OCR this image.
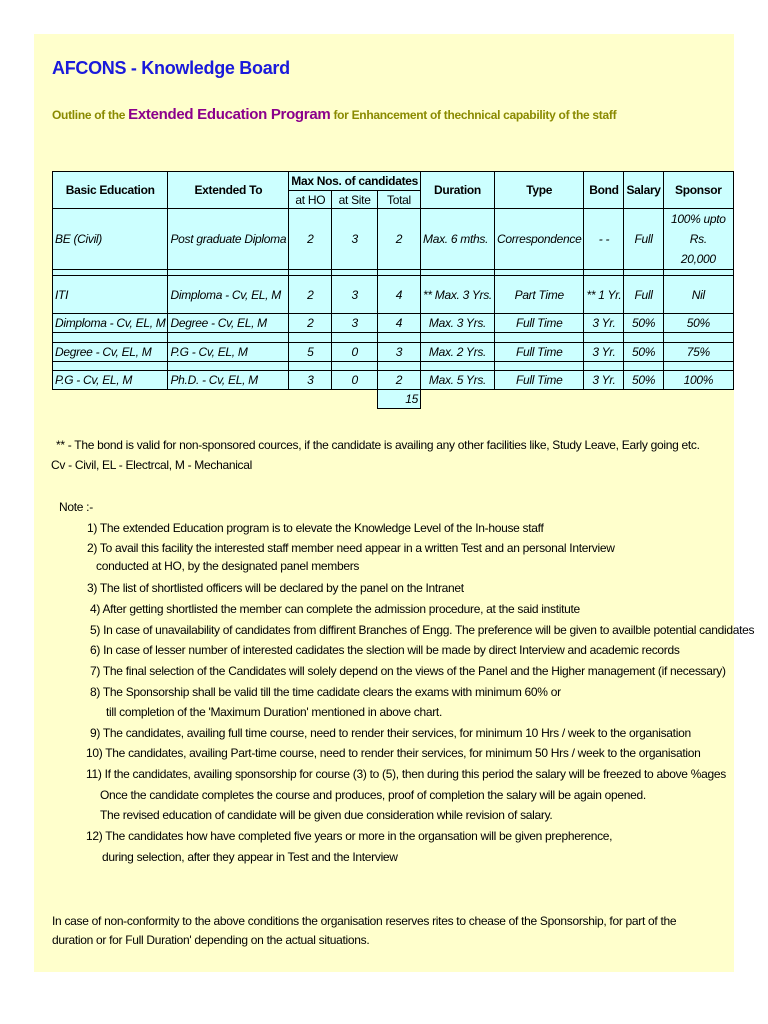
AFCONS - Knowledge Board
Outline of the Extended Education Program for Enhancement of thechnical capability of the staff
Basic Education	Extended To	Max Nos. of candidates			Duration	Type	Bond	Salary	Sponsor
		at HO	at Site	Total					
BE (Civil)	Post graduate Diploma	2	3	2	Max. 6 mths.	Correspondence	- -	Full	100% upto Rs.
20,000

ITI	Dimploma - Cv, EL, M	2	3	4	** Max. 3 Yrs.	Part Time	** 1 Yr.	Full	Nil
Dimploma - Cv, EL, M	Degree - Cv, EL, M	2	3	4	Max. 3 Yrs.	Full Time	3 Yr.	50%	50%

Degree - Cv, EL, M	P.G - Cv, EL, M	5	0	3	Max. 2 Yrs.	Full Time	3 Yr.	50%	75%

P.G - Cv, EL, M	Ph.D. - Cv, EL, M	3	0	2	Max. 5 Yrs.	Full Time	3 Yr.	50%	100%
				15					
** - The bond is valid for non-sponsored cources, if the candidate is availing any other facilities like, Study Leave, Early going etc.
Cv - Civil, EL - Electrcal, M - Mechanical
Note :-
1) The extended Education program is to elevate the Knowledge Level of the In-house staff
2) To avail this facility the interested staff member need appear in a written Test and an personal Interview
conducted at HO, by the designated panel members
3) The list of shortlisted officers will be declared by the panel on the Intranet
4) After getting shortlisted the member can complete the admission procedure, at the said institute
5) In case of unavailability of candidates from diffirent Branches of Engg. The preference will be given to availble potential candidates
6) In case of lesser number of interested cadidates the slection will be made by direct Interview and academic records
7) The final selection of the Candidates will solely depend on the views of the Panel and the Higher management (if necessary)
8) The Sponsorship shall be valid till the time cadidate clears the exams with minimum 60% or
till completion of the 'Maximum Duration' mentioned in above chart.
9) The candidates, availing full time course, need to render their services, for minimum 10 Hrs / week to the organisation
10) The candidates, availing Part-time course, need to render their services, for minimum 50 Hrs / week to the organisation
11) If the candidates, availing sponsorship for course (3) to (5), then during this period the salary will be freezed to above %ages
Once the candidate completes the course and produces, proof of completion the salary will be again opened.
The revised education of candidate will be given due consideration while revision of salary.
12) The candidates how have completed five years or more in the organsation will be given prepherence,
during selection, after they appear in Test and the Interview
In case of non-conformity to the above conditions the organisation reserves rites to chease of the Sponsorship, for part of the duration or for Full Duration' depending on the actual situations.
